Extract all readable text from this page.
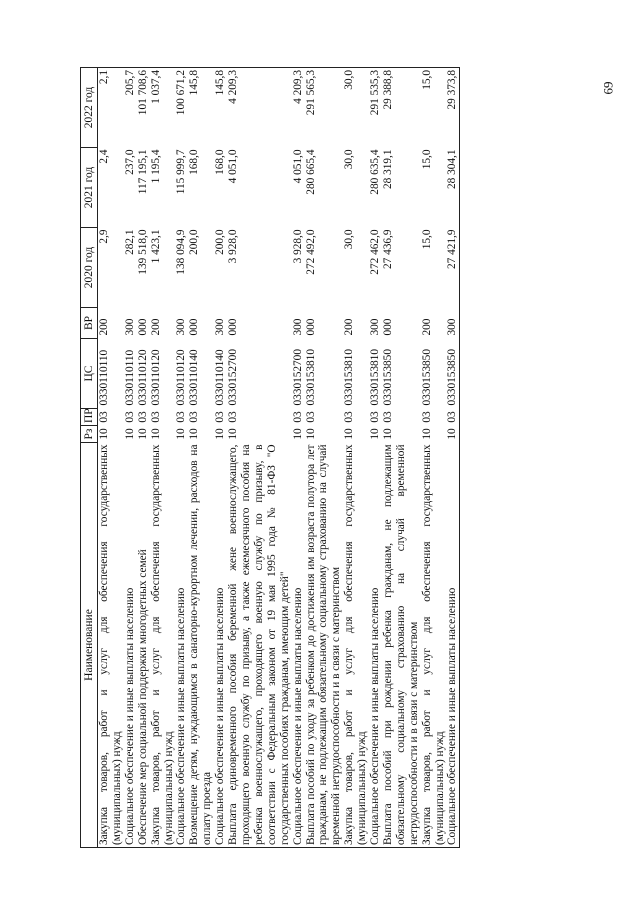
69
Наименование	Рз	ПР	ЦС	ВР	2020 год	2021 год	2022 год
Закупка товаров, работ и услуг для обеспечения государственных (муниципальных) нужд	10	03	0330110110	200	2,9	2,4	2,1
Социальное обеспечение и иные выплаты населению	10	03	0330110110	300	282,1	237,0	205,7
Обеспечение мер социальной поддержки многодетных семей	10	03	0330110120	000	139 518,0	117 195,1	101 708,6
Закупка товаров, работ и услуг для обеспечения государственных (муниципальных) нужд	10	03	0330110120	200	1 423,1	1 195,4	1 037,4
Социальное обеспечение и иные выплаты населению	10	03	0330110120	300	138 094,9	115 999,7	100 671,2
Возмещение детям, нуждающимся в санаторно-курортном лечении, расходов на оплату проезда	10	03	0330110140	000	200,0	168,0	145,8
Социальное обеспечение и иные выплаты населению	10	03	0330110140	300	200,0	168,0	145,8
Выплата единовременного пособия беременной жене военнослужащего, проходящего военную службу по призыву, а также ежемесячного пособия на ребенка военнослужащего, проходящего военную службу по призыву, в соответствии с Федеральным законом от 19 мая 1995 года № 81-ФЗ "О государственных пособиях гражданам, имеющим детей"	10	03	0330152700	000	3 928,0	4 051,0	4 209,3
Социальное обеспечение и иные выплаты населению	10	03	0330152700	300	3 928,0	4 051,0	4 209,3
Выплата пособий по уходу за ребенком до достижения им возраста полутора лет гражданам, не подлежащим обязательному социальному страхованию на случай временной нетрудоспособности и в связи с материнством	10	03	0330153810	000	272 492,0	280 665,4	291 565,3
Закупка товаров, работ и услуг для обеспечения государственных (муниципальных) нужд	10	03	0330153810	200	30,0	30,0	30,0
Социальное обеспечение и иные выплаты населению	10	03	0330153810	300	272 462,0	280 635,4	291 535,3
Выплата пособий при рождении ребенка гражданам, не подлежащим обязательному социальному страхованию на случай временной нетрудоспособности и в связи с материнством	10	03	0330153850	000	27 436,9	28 319,1	29 388,8
Закупка товаров, работ и услуг для обеспечения государственных (муниципальных) нужд	10	03	0330153850	200	15,0	15,0	15,0
Социальное обеспечение и иные выплаты населению	10	03	0330153850	300	27 421,9	28 304,1	29 373,8
